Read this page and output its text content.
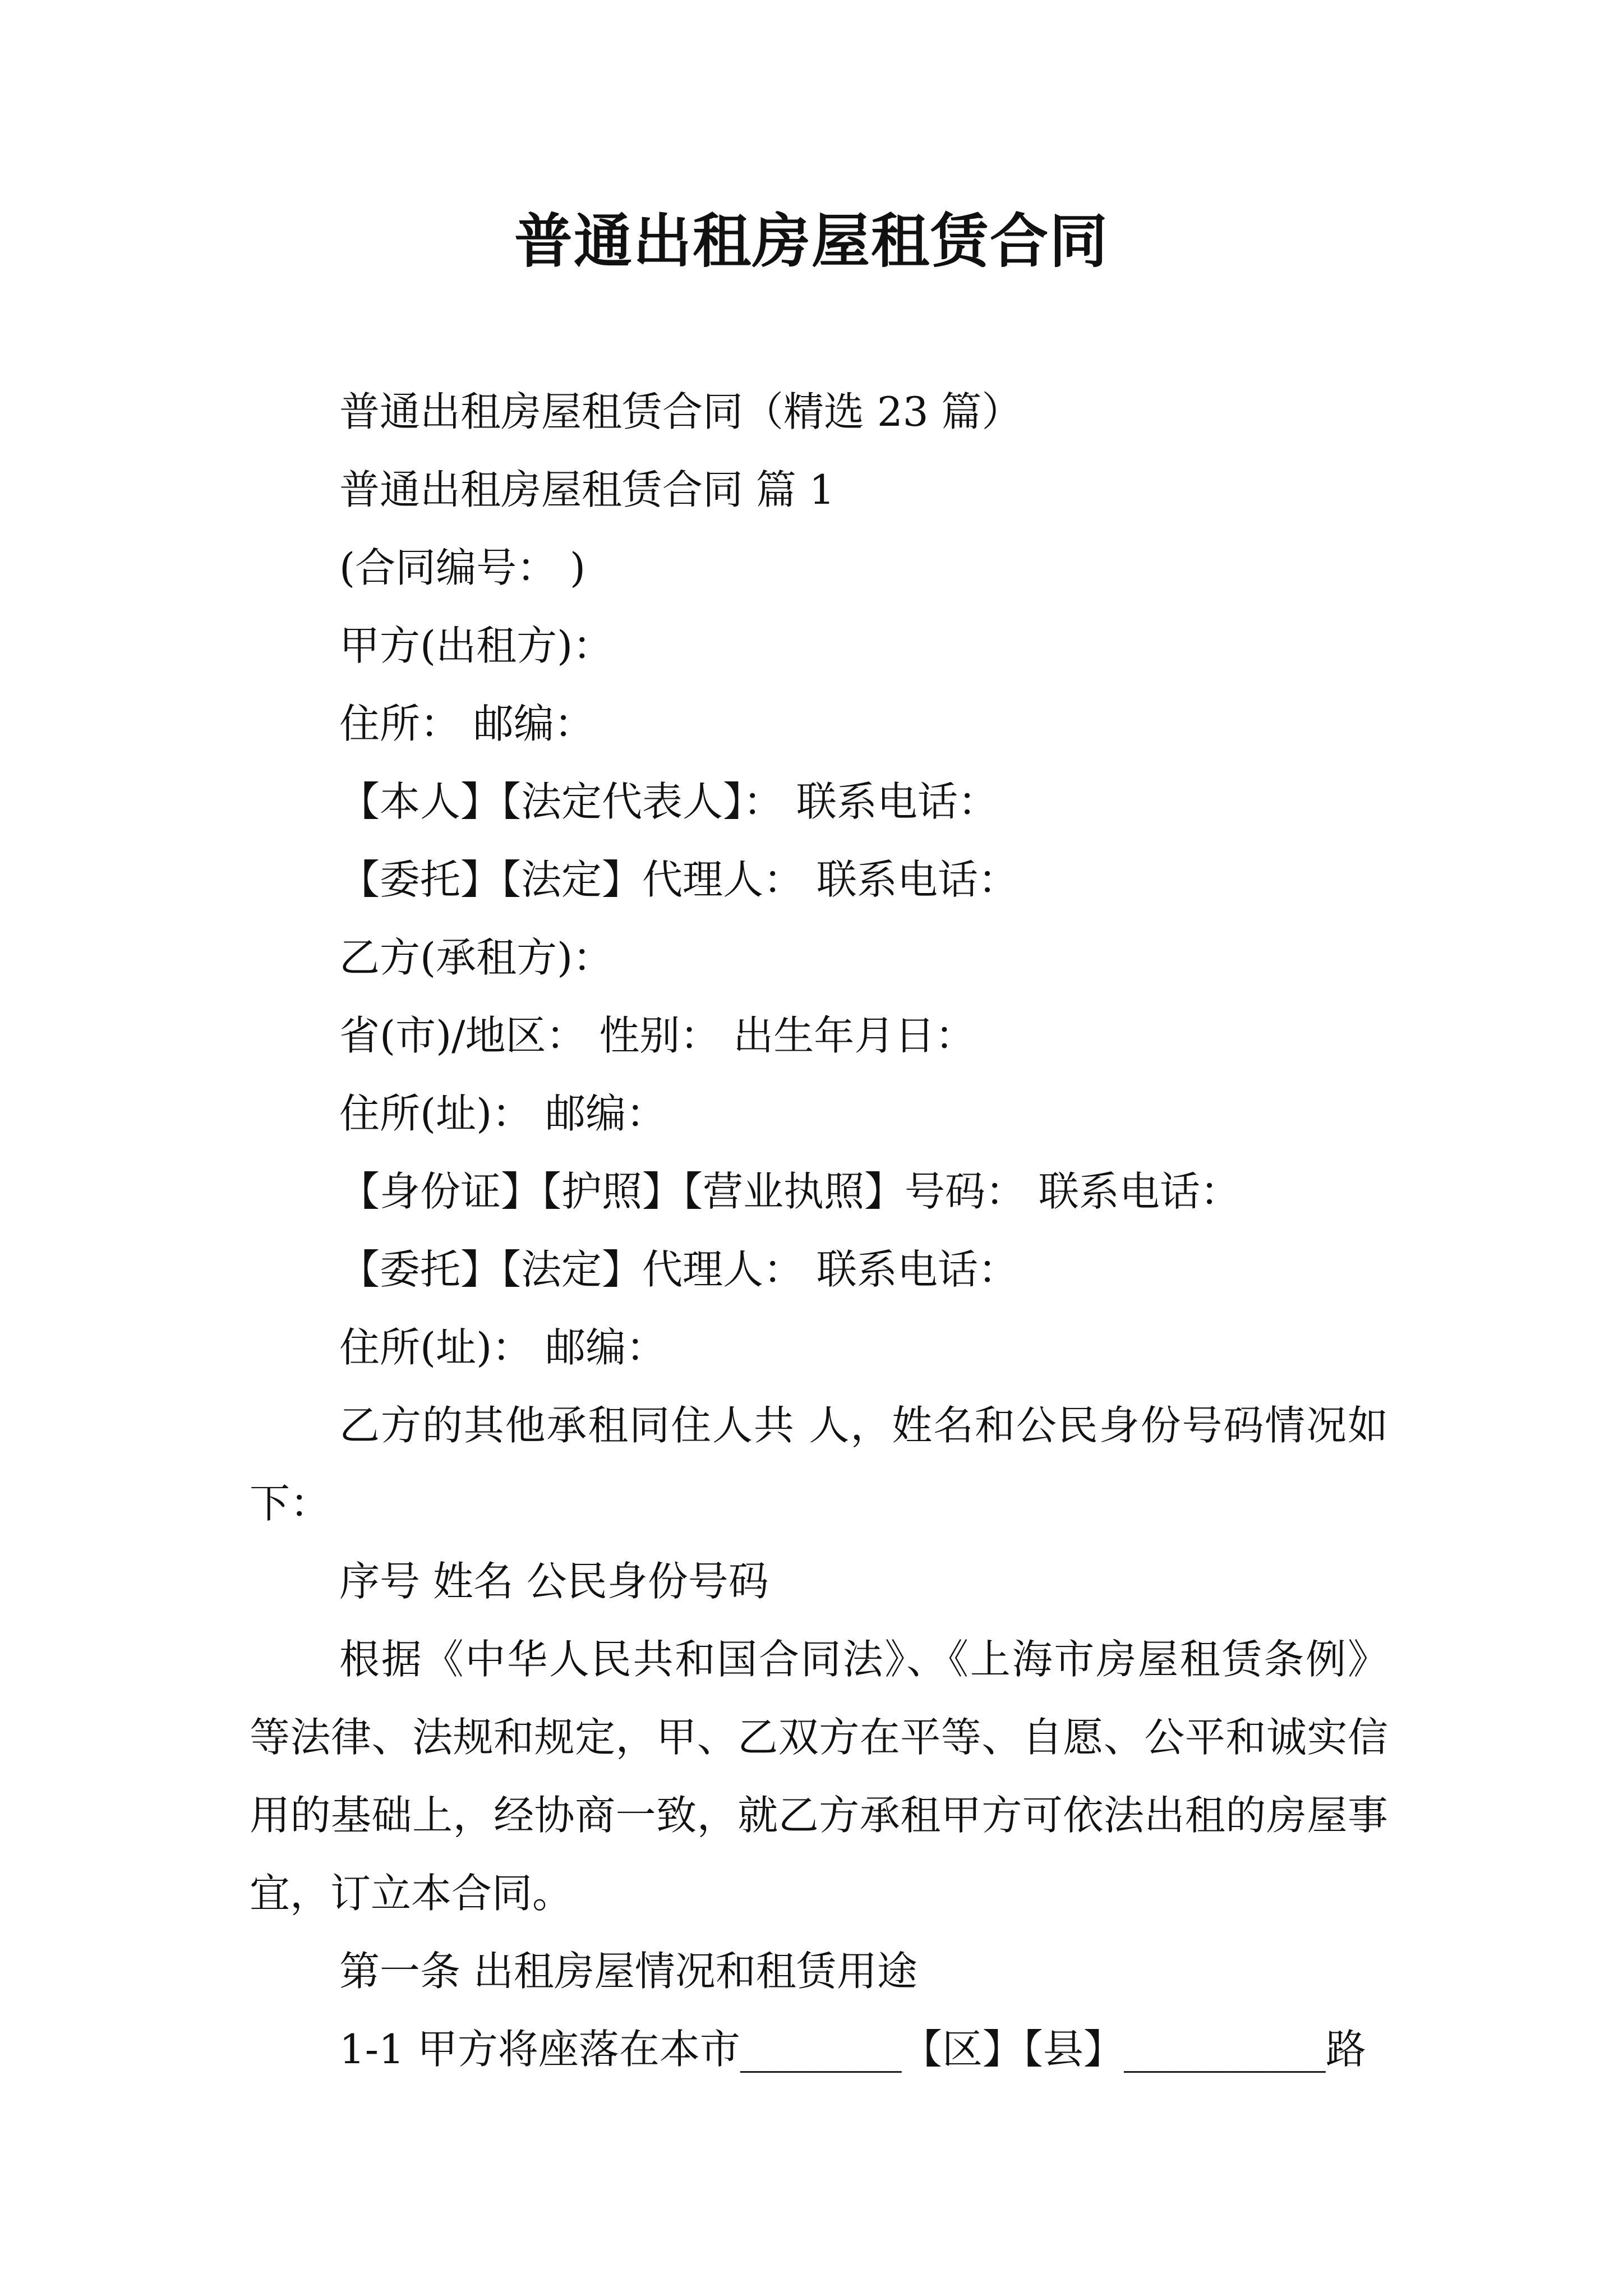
普通出租房屋租赁合同
普通出租房屋租赁合同（精选 23 篇）
普通出租房屋租赁合同 篇 1
(合同编号： )
甲方(出租方)：
住所： 邮编：
【本人】【法定代表人】： 联系电话：
【委托】【法定】代理人： 联系电话：
乙方(承租方)：
省(市)/地区： 性别： 出生年月日：
住所(址)： 邮编：
【身份证】【护照】【营业执照】号码： 联系电话：
【委托】【法定】代理人： 联系电话：
住所(址)： 邮编：

乙方的其他承租同住人共 人，姓名和公民身份号码情况如下：

序号 姓名 公民身份号码

根据《中华人民共和国合同法》、《上海市房屋租赁条例》等法律、法规和规定，甲、乙双方在平等、自愿、公平和诚实信用的基础上，经协商一致，就乙方承租甲方可依法出租的房屋事宜，订立本合同。

第一条 出租房屋情况和租赁用途
1-1 甲方将座落在本市________【区】【县】__________路
